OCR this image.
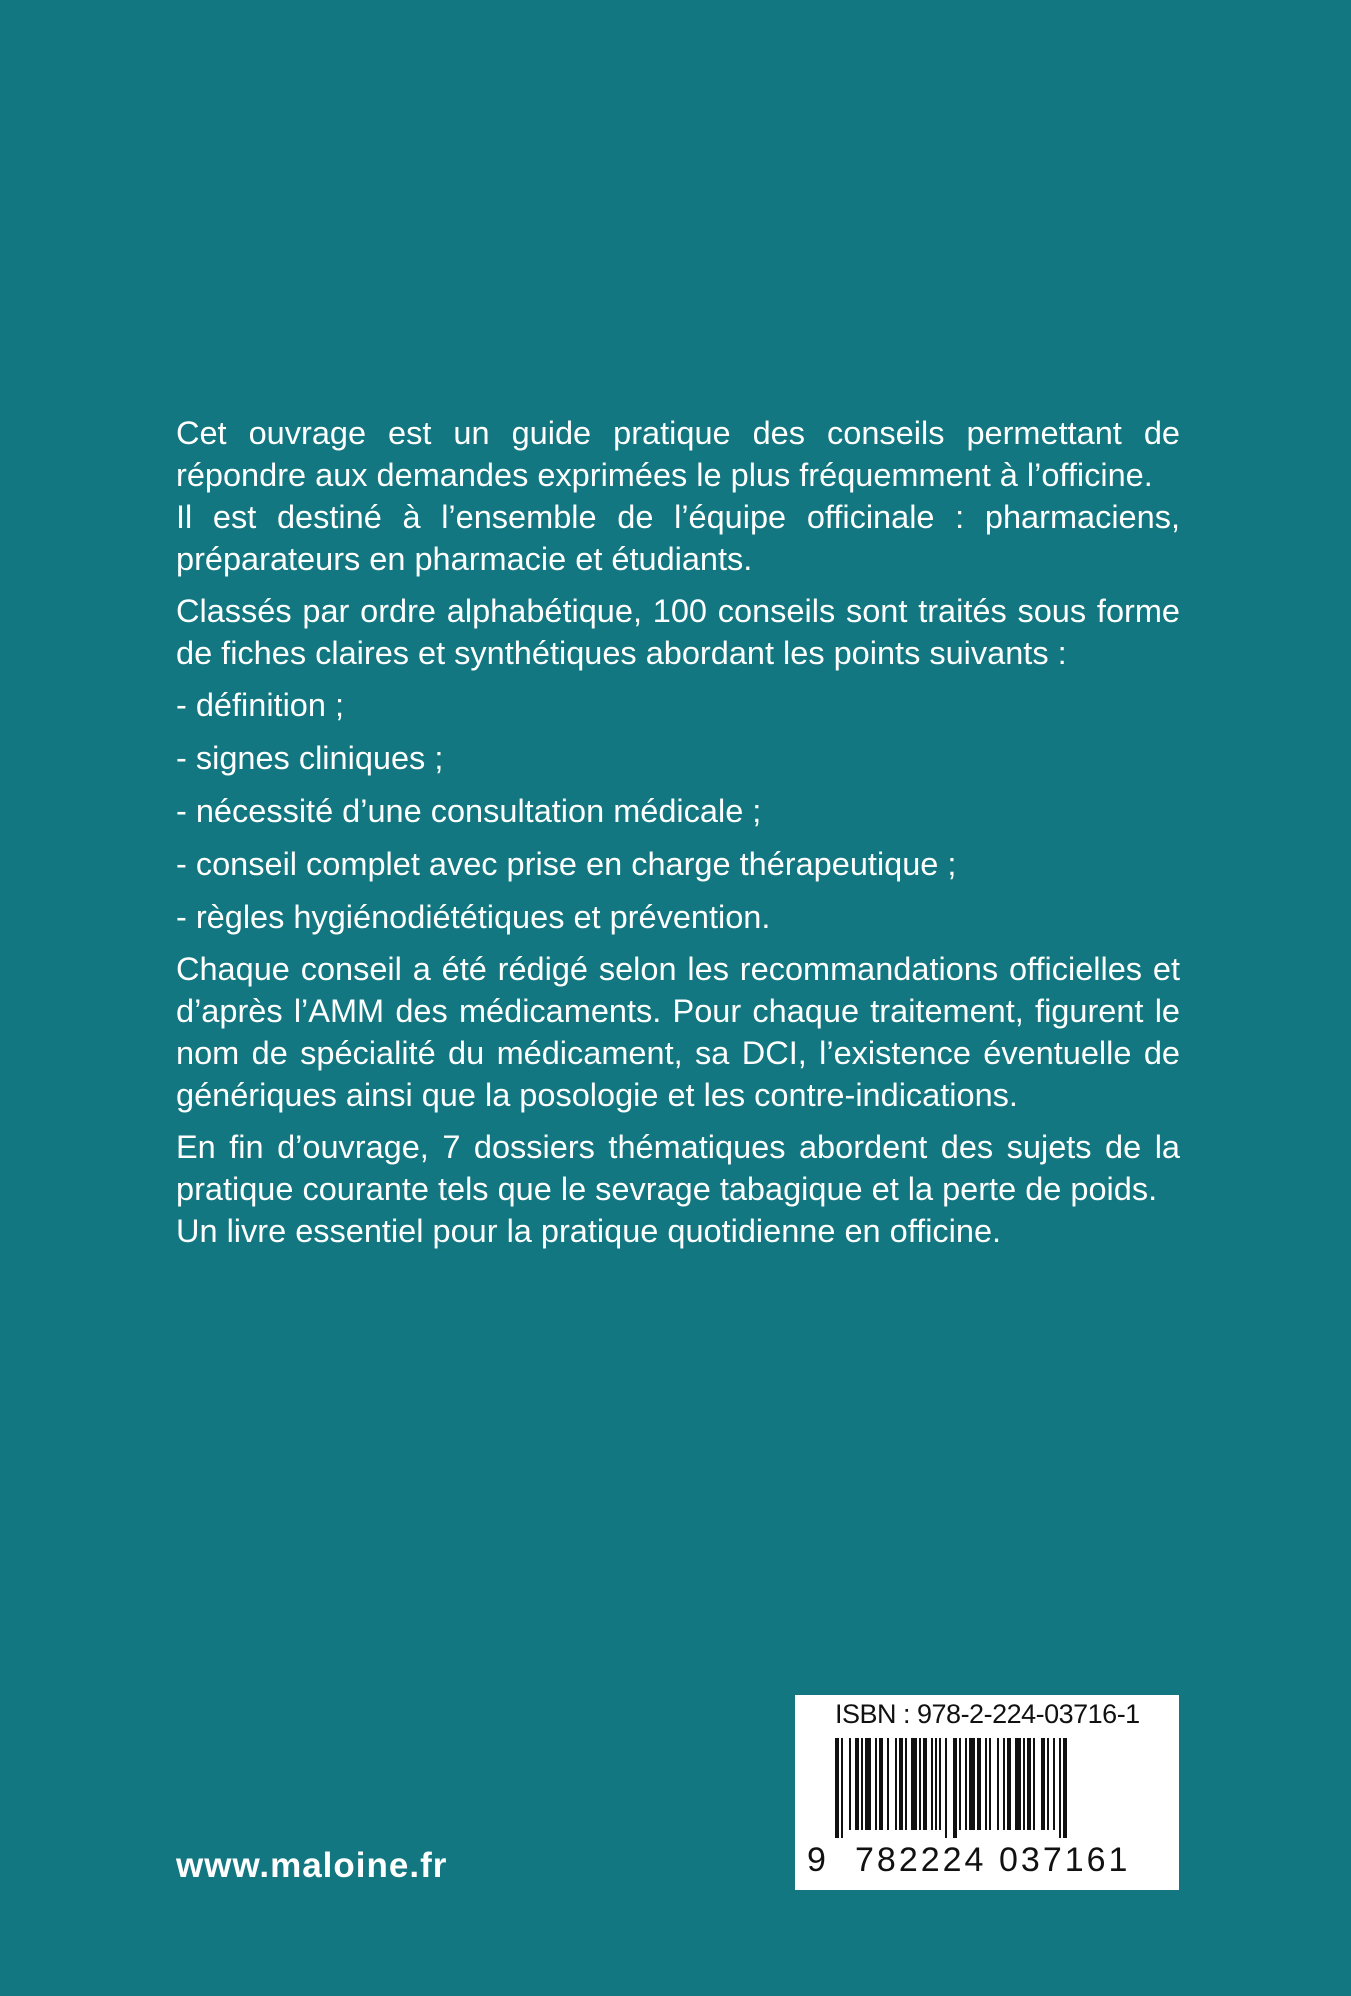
Cet ouvrage est un guide pratique des conseils permettant de répondre aux demandes exprimées le plus fréquemment à l’officine.

Il est destiné à l’ensemble de l’équipe officinale : pharmaciens, préparateurs en pharmacie et étudiants.

Classés par ordre alphabétique, 100 conseils sont traités sous forme de fiches claires et synthétiques abordant les points suivants :

- définition ;
- signes cliniques ;
- nécessité d’une consultation médicale ;
- conseil complet avec prise en charge thérapeutique ;
- règles hygiénodiététiques et prévention.

Chaque conseil a été rédigé selon les recommandations officielles et d’après l’AMM des médicaments. Pour chaque traitement, figurent le nom de spécialité du médicament, sa DCI, l’existence éventuelle de génériques ainsi que la posologie et les contre-indications.

En fin d’ouvrage, 7 dossiers thématiques abordent des sujets de la pratique courante tels que le sevrage tabagique et la perte de poids.

Un livre essentiel pour la pratique quotidienne en officine.

www.maloine.fr
ISBN : 978-2-224-03716-1
9 782224 037161
